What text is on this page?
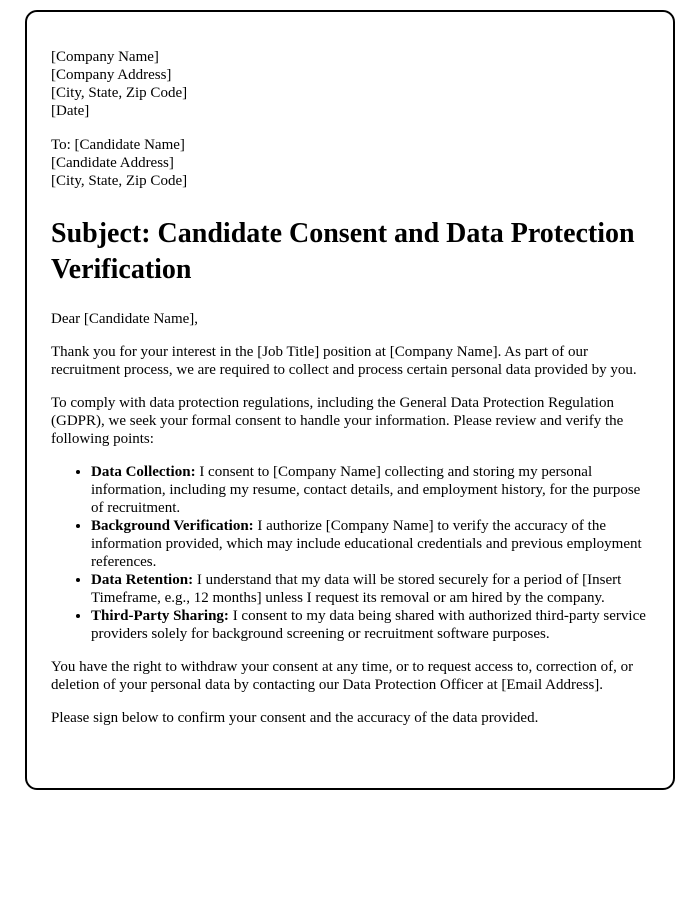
[Company Name]
[Company Address]
[City, State, Zip Code]
[Date]
To: [Candidate Name]
[Candidate Address]
[City, State, Zip Code]
Subject: Candidate Consent and Data Protection Verification

Dear [Candidate Name],

Thank you for your interest in the [Job Title] position at [Company Name]. As part of our recruitment process, we are required to collect and process certain personal data provided by you.

To comply with data protection regulations, including the General Data Protection Regulation (GDPR), we seek your formal consent to handle your information. Please review and verify the following points:

• Data Collection: I consent to [Company Name] collecting and storing my personal information, including my resume, contact details, and employment history, for the purpose of recruitment.
• Background Verification: I authorize [Company Name] to verify the accuracy of the information provided, which may include educational credentials and previous employment references.
• Data Retention: I understand that my data will be stored securely for a period of [Insert Timeframe, e.g., 12 months] unless I request its removal or am hired by the company.
• Third-Party Sharing: I consent to my data being shared with authorized third-party service providers solely for background screening or recruitment software purposes.

You have the right to withdraw your consent at any time, or to request access to, correction of, or deletion of your personal data by contacting our Data Protection Officer at [Email Address].

Please sign below to confirm your consent and the accuracy of the data provided.
